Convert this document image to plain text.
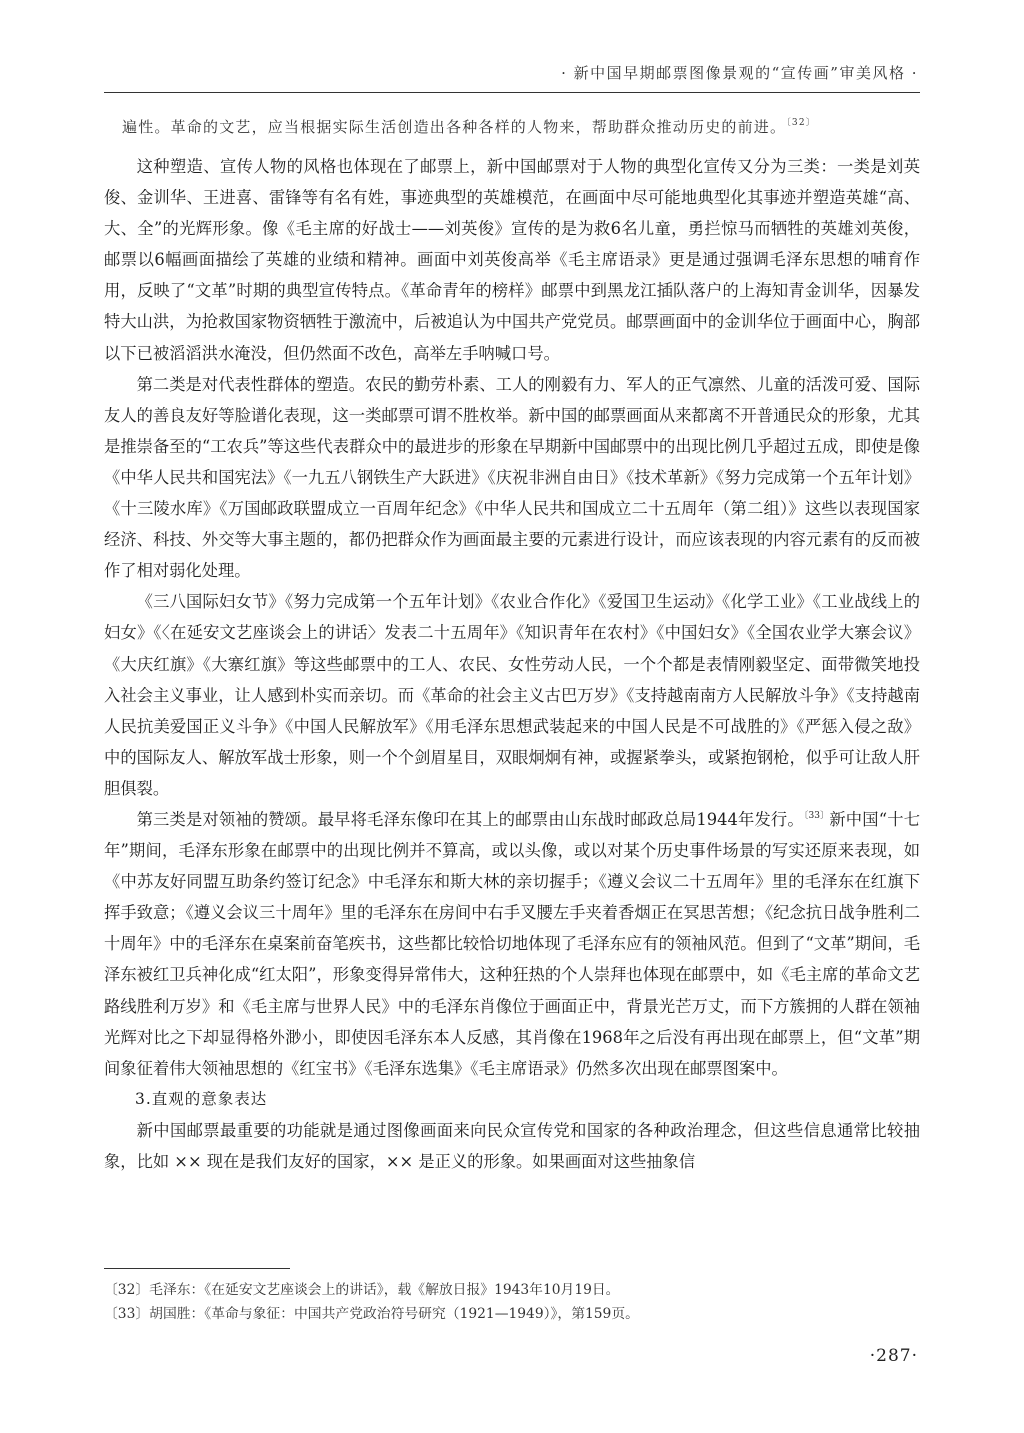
· 新中国早期邮票图像景观的“宣传画”审美风格 ·

遍性。革命的文艺，应当根据实际生活创造出各种各样的人物来，帮助群众推动历史的前进。$^{〔32〕}$

这种塑造、宣传人物的风格也体现在了邮票上，新中国邮票对于人物的典型化宣传又分为三类：一类是刘英俊、金训华、王进喜、雷锋等有名有姓，事迹典型的英雄模范，在画面中尽可能地典型化其事迹并塑造英雄“高、大、全”的光辉形象。像《毛主席的好战士——刘英俊》宣传的是为救6名儿童，勇拦惊马而牺牲的英雄刘英俊，邮票以6幅画面描绘了英雄的业绩和精神。画面中刘英俊高举《毛主席语录》更是通过强调毛泽东思想的哺育作用，反映了“文革”时期的典型宣传特点。《革命青年的榜样》邮票中到黑龙江插队落户的上海知青金训华，因暴发特大山洪，为抢救国家物资牺牲于激流中，后被追认为中国共产党党员。邮票画面中的金训华位于画面中心，胸部以下已被滔滔洪水淹没，但仍然面不改色，高举左手呐喊口号。

第二类是对代表性群体的塑造。农民的勤劳朴素、工人的刚毅有力、军人的正气凛然、儿童的活泼可爱、国际友人的善良友好等脸谱化表现，这一类邮票可谓不胜枚举。新中国的邮票画面从来都离不开普通民众的形象，尤其是推崇备至的“工农兵”等这些代表群众中的最进步的形象在早期新中国邮票中的出现比例几乎超过五成，即使是像《中华人民共和国宪法》《一九五八钢铁生产大跃进》《庆祝非洲自由日》《技术革新》《努力完成第一个五年计划》《十三陵水库》《万国邮政联盟成立一百周年纪念》《中华人民共和国成立二十五周年（第二组）》这些以表现国家经济、科技、外交等大事主题的，都仍把群众作为画面最主要的元素进行设计，而应该表现的内容元素有的反而被作了相对弱化处理。

《三八国际妇女节》《努力完成第一个五年计划》《农业合作化》《爱国卫生运动》《化学工业》《工业战线上的妇女》《〈在延安文艺座谈会上的讲话〉发表二十五周年》《知识青年在农村》《中国妇女》《全国农业学大寨会议》《大庆红旗》《大寨红旗》等这些邮票中的工人、农民、女性劳动人民，一个个都是表情刚毅坚定、面带微笑地投入社会主义事业，让人感到朴实而亲切。而《革命的社会主义古巴万岁》《支持越南南方人民解放斗争》《支持越南人民抗美爱国正义斗争》《中国人民解放军》《用毛泽东思想武装起来的中国人民是不可战胜的》《严惩入侵之敌》中的国际友人、解放军战士形象，则一个个剑眉星目，双眼炯炯有神，或握紧拳头，或紧抱钢枪，似乎可让敌人肝胆俱裂。

第三类是对领袖的赞颂。最早将毛泽东像印在其上的邮票由山东战时邮政总局1944年发行。$^{〔33〕}$新中国“十七年”期间，毛泽东形象在邮票中的出现比例并不算高，或以头像，或以对某个历史事件场景的写实还原来表现，如《中苏友好同盟互助条约签订纪念》中毛泽东和斯大林的亲切握手；《遵义会议二十五周年》里的毛泽东在红旗下挥手致意；《遵义会议三十周年》里的毛泽东在房间中右手叉腰左手夹着香烟正在冥思苦想；《纪念抗日战争胜利二十周年》中的毛泽东在桌案前奋笔疾书，这些都比较恰切地体现了毛泽东应有的领袖风范。但到了“文革”期间，毛泽东被红卫兵神化成“红太阳”，形象变得异常伟大，这种狂热的个人崇拜也体现在邮票中，如《毛主席的革命文艺路线胜利万岁》和《毛主席与世界人民》中的毛泽东肖像位于画面正中，背景光芒万丈，而下方簇拥的人群在领袖光辉对比之下却显得格外渺小，即使因毛泽东本人反感，其肖像在1968年之后没有再出现在邮票上，但“文革”期间象征着伟大领袖思想的《红宝书》《毛泽东选集》《毛主席语录》仍然多次出现在邮票图案中。

3.直观的意象表达

新中国邮票最重要的功能就是通过图像画面来向民众宣传党和国家的各种政治理念，但这些信息通常比较抽象，比如 ×× 现在是我们友好的国家，×× 是正义的形象。如果画面对这些抽象信

〔32〕毛泽东：《在延安文艺座谈会上的讲话》，载《解放日报》1943年10月19日。
〔33〕胡国胜：《革命与象征：中国共产党政治符号研究（1921—1949）》，第159页。
·287·
